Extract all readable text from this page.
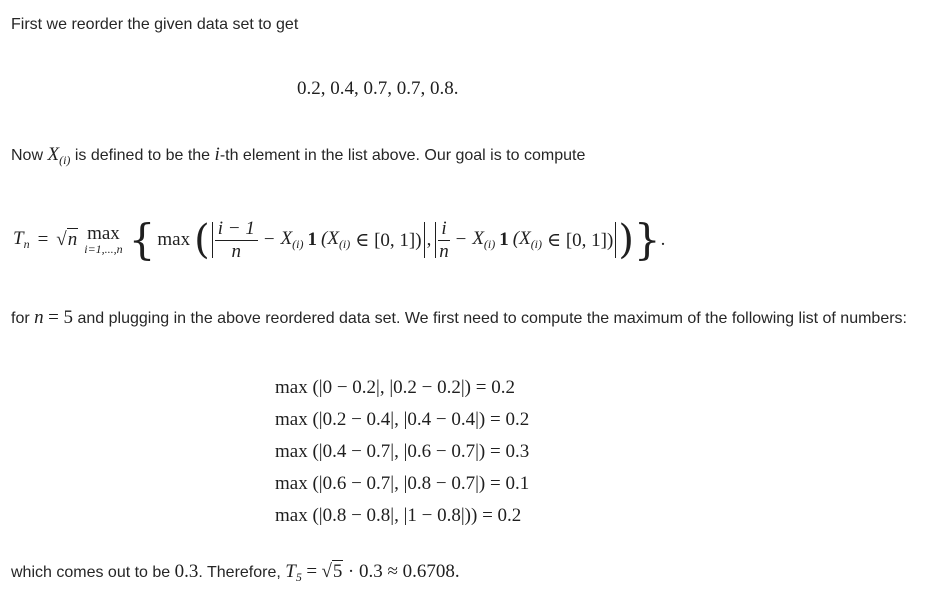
First we reorder the given data set to get
0.2, 0.4, 0.7, 0.7, 0.8.
Now $X_{(i)}$ is defined to be the i-th element in the list above. Our goal is to compute
$T_n = √n$ max
i=1,...,n { max ( $\frac{i - 1}{n} - X_{(i)}$ 1 ($X_{(i)}$ ∈ [0, 1]) , $\frac{i}{n} - X_{(i)}$ 1 ($X_{(i)}$ ∈ [0, 1]) ) } .
for n = 5 and plugging in the above reordered data set. We first need to compute the maximum of the following list of numbers:
max (|0 − 0.2|, |0.2 − 0.2|) = 0.2
max (|0.2 − 0.4|, |0.4 − 0.4|) = 0.2
max (|0.4 − 0.7|, |0.6 − 0.7|) = 0.3
max (|0.6 − 0.7|, |0.8 − 0.7|) = 0.1
max (|0.8 − 0.8|, |1 − 0.8|)) = 0.2
which comes out to be 0.3. Therefore, $T_5 = √5 \cdot 0.3 \approx 0.6708$.
